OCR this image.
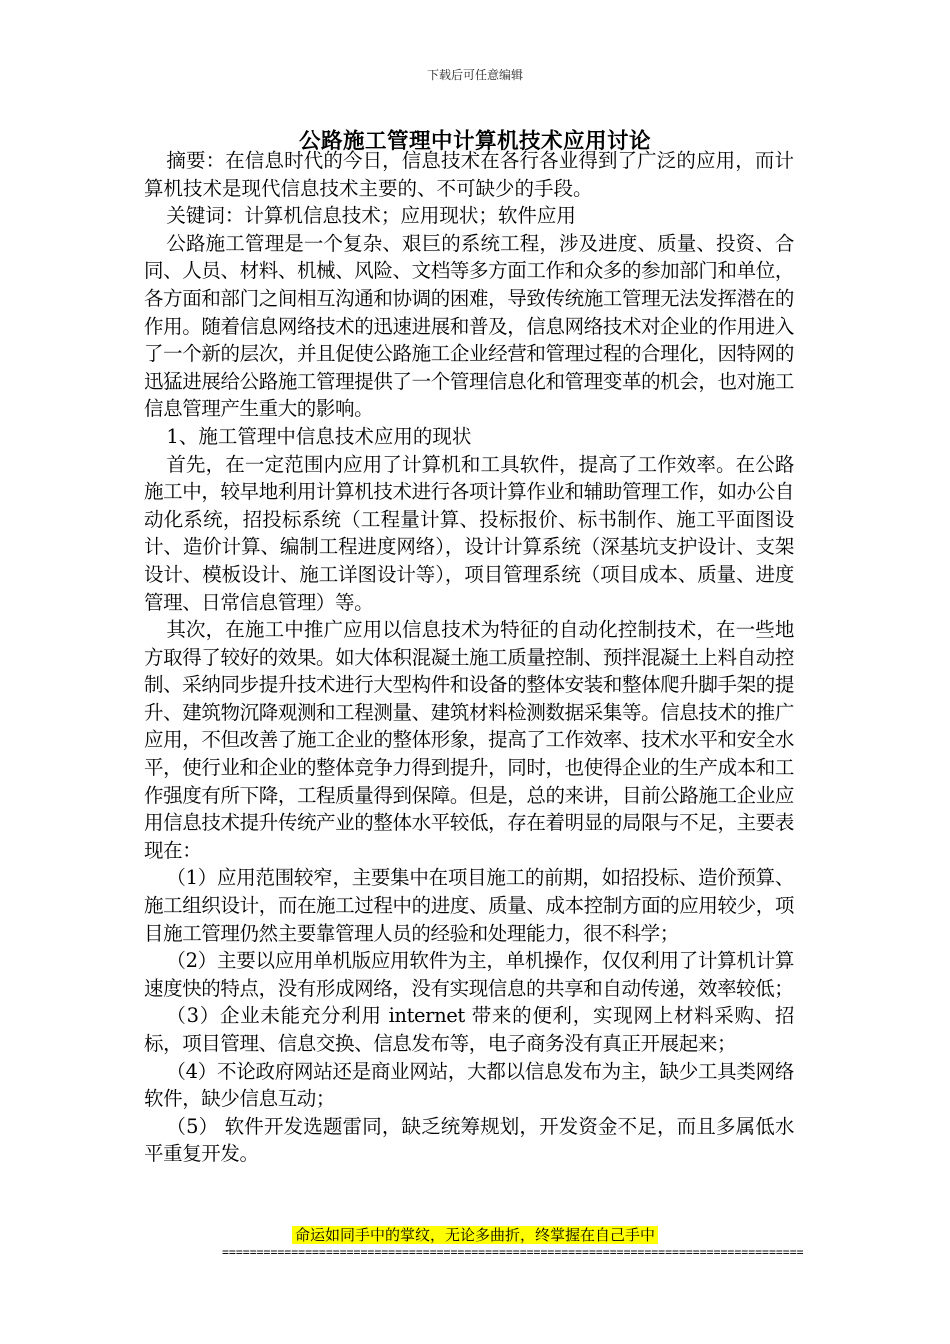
下载后可任意编辑
公路施工管理中计算机技术应用讨论

摘要：在信息时代的今日，信息技术在各行各业得到了广泛的应用，而计算机技术是现代信息技术主要的、不可缺少的手段。

关键词：计算机信息技术；应用现状；软件应用

公路施工管理是一个复杂、艰巨的系统工程，涉及进度、质量、投资、合同、人员、材料、机械、风险、文档等多方面工作和众多的参加部门和单位，各方面和部门之间相互沟通和协调的困难，导致传统施工管理无法发挥潜在的作用。随着信息网络技术的迅速进展和普及，信息网络技术对企业的作用进入了一个新的层次，并且促使公路施工企业经营和管理过程的合理化，因特网的迅猛进展给公路施工管理提供了一个管理信息化和管理变革的机会，也对施工信息管理产生重大的影响。

1、施工管理中信息技术应用的现状

首先，在一定范围内应用了计算机和工具软件，提高了工作效率。在公路施工中，较早地利用计算机技术进行各项计算作业和辅助管理工作，如办公自动化系统，招投标系统（工程量计算、投标报价、标书制作、施工平面图设计、造价计算、编制工程进度网络），设计计算系统（深基坑支护设计、支架设计、模板设计、施工详图设计等），项目管理系统（项目成本、质量、进度管理、日常信息管理）等。

其次，在施工中推广应用以信息技术为特征的自动化控制技术，在一些地方取得了较好的效果。如大体积混凝土施工质量控制、预拌混凝土上料自动控制、采纳同步提升技术进行大型构件和设备的整体安装和整体爬升脚手架的提升、建筑物沉降观测和工程测量、建筑材料检测数据采集等。信息技术的推广应用，不但改善了施工企业的整体形象，提高了工作效率、技术水平和安全水平，使行业和企业的整体竞争力得到提升，同时，也使得企业的生产成本和工作强度有所下降，工程质量得到保障。但是，总的来讲，目前公路施工企业应用信息技术提升传统产业的整体水平较低，存在着明显的局限与不足，主要表现在：

（1）应用范围较窄，主要集中在项目施工的前期，如招投标、造价预算、施工组织设计，而在施工过程中的进度、质量、成本控制方面的应用较少，项目施工管理仍然主要靠管理人员的经验和处理能力，很不科学；

（2）主要以应用单机版应用软件为主，单机操作，仅仅利用了计算机计算速度快的特点，没有形成网络，没有实现信息的共享和自动传递，效率较低；

（3）企业未能充分利用 internet 带来的便利，实现网上材料采购、招标，项目管理、信息交换、信息发布等，电子商务没有真正开展起来；

（4）不论政府网站还是商业网站，大都以信息发布为主，缺少工具类网络软件，缺少信息互动；

（5） 软件开发选题雷同，缺乏统筹规划，开发资金不足，而且多属低水平重复开发。

命运如同手中的掌纹，无论多曲折，终掌握在自己手中
====================================================================================
